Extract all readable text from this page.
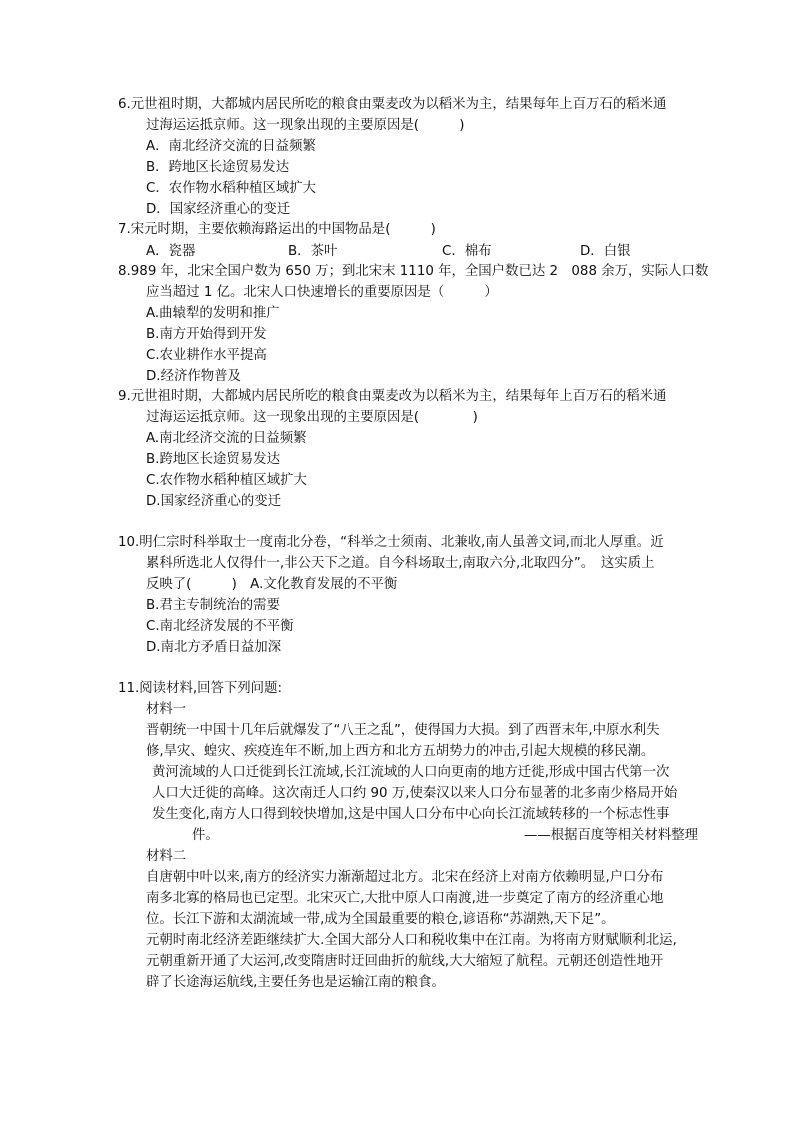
6.元世祖时期，大都城内居民所吃的粮食由粟麦改为以稻米为主，结果每年上百万石的稻米通
过海运运抵京师。这一现象出现的主要原因是(　　　)
A．南北经济交流的日益频繁
B．跨地区长途贸易发达
C．农作物水稻种植区域扩大
D．国家经济重心的变迁
7.宋元时期，主要依赖海路运出的中国物品是(　　　)
A．瓷器	B．茶叶	C．棉布	D．白银
8.989 年，北宋全国户数为 650 万；到北宋末 1110 年，全国户数已达 2　088 余万，实际人口数
应当超过 1 亿。北宋人口快速增长的重要原因是（　　　）
A.曲辕犁的发明和推广
B.南方开始得到开发
C.农业耕作水平提高
D.经济作物普及
9.元世祖时期，大都城内居民所吃的粮食由粟麦改为以稻米为主，结果每年上百万石的稻米通
过海运运抵京师。这一现象出现的主要原因是(　　　　)
A.南北经济交流的日益频繁
B.跨地区长途贸易发达
C.农作物水稻种植区域扩大
D.国家经济重心的变迁
10.明仁宗时科举取士一度南北分卷，“科举之士须南、北兼收,南人虽善文词,而北人厚重。近
累科所选北人仅得什一,非公天下之道。自今科场取士,南取六分,北取四分”。　这实质上
反映了(　　　)　A.文化教育发展的不平衡
B.君主专制统治的需要
C.南北经济发展的不平衡
D.南北方矛盾日益加深
11.阅读材料,回答下列问题:
材料一
晋朝统一中国十几年后就爆发了“八王之乱”，使得国力大损。到了西晋末年,中原水利失
修,旱灾、蝗灾、疾疫连年不断,加上西方和北方五胡势力的冲击,引起大规模的移民潮。
黄河流域的人口迁徙到长江流域,长江流域的人口向更南的地方迁徙,形成中国古代第一次
人口大迁徙的高峰。这次南迁人口约 90 万,使秦汉以来人口分布显著的北多南少格局开始
发生变化,南方人口得到较快增加,这是中国人口分布中心向长江流域转移的一个标志性事
件。	——根据百度等相关材料整理
材料二
自唐朝中叶以来,南方的经济实力渐渐超过北方。北宋在经济上对南方依赖明显,户口分布
南多北寡的格局也已定型。北宋灭亡,大批中原人口南渡,进一步奠定了南方的经济重心地
位。长江下游和太湖流域一带,成为全国最重要的粮仓,谚语称“苏湖熟,天下足”。
元朝时南北经济差距继续扩大.全国大部分人口和税收集中在江南。为将南方财赋顺利北运,
元朝重新开通了大运河,改变隋唐时迂回曲折的航线,大大缩短了航程。元朝还创造性地开
辟了长途海运航线,主要任务也是运输江南的粮食。
